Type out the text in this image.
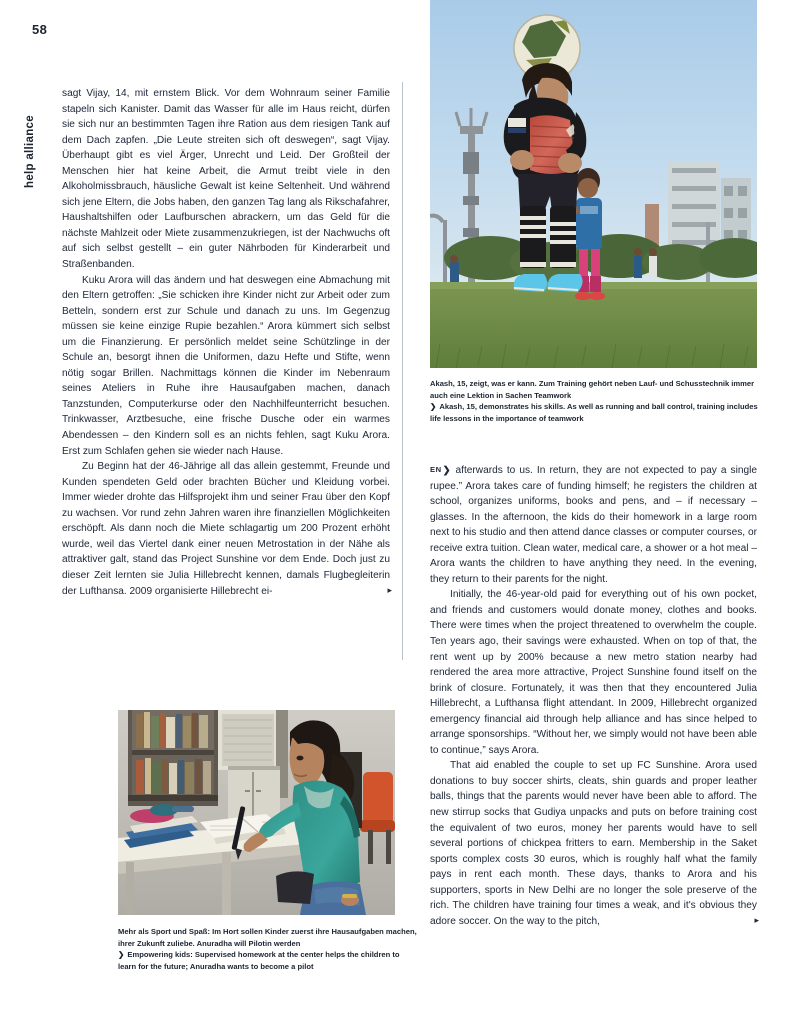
58
help alliance

sagt Vijay, 14, mit ernstem Blick. Vor dem Wohnraum seiner Familie stapeln sich Kanister. Damit das Wasser für alle im Haus reicht, dürfen sie sich nur an bestimmten Tagen ihre Ration aus dem riesigen Tank auf dem Dach zapfen. „Die Leute streiten sich oft deswegen“, sagt Vijay. Überhaupt gibt es viel Ärger, Unrecht und Leid. Der Großteil der Menschen hier hat keine Arbeit, die Armut treibt viele in den Alkoholmissbrauch, häusliche Gewalt ist keine Seltenheit. Und während sich jene Eltern, die Jobs haben, den ganzen Tag lang als Rikschafahrer, Haushaltshilfen oder Laufburschen abrackern, um das Geld für die nächste Mahlzeit oder Miete zusammenzukriegen, ist der Nachwuchs oft auf sich selbst gestellt – ein guter Nährboden für Kinderarbeit und Straßenbanden.

Kuku Arora will das ändern und hat deswegen eine Abmachung mit den Eltern getroffen: „Sie schicken ihre Kinder nicht zur Arbeit oder zum Betteln, sondern erst zur Schule und danach zu uns. Im Gegenzug müssen sie keine einzige Rupie bezahlen.“ Arora kümmert sich selbst um die Finanzierung. Er persönlich meldet seine Schützlinge in der Schule an, besorgt ihnen die Uniformen, dazu Hefte und Stifte, wenn nötig sogar Brillen. Nachmittags können die Kinder im Nebenraum seines Ateliers in Ruhe ihre Hausaufgaben machen, danach Tanzstunden, Computerkurse oder den Nachhilfeunterricht besuchen. Trinkwasser, Arztbesuche, eine frische Dusche oder ein warmes Abendessen – den Kindern soll es an nichts fehlen, sagt Kuku Arora. Erst zum Schlafen gehen sie wieder nach Hause.

Zu Beginn hat der 46-Jährige all das allein gestemmt, Freunde und Kunden spendeten Geld oder brachten Bücher und Kleidung vorbei. Immer wieder drohte das Hilfsprojekt ihm und seiner Frau über den Kopf zu wachsen. Vor rund zehn Jahren waren ihre finanziellen Möglichkeiten erschöpft. Als dann noch die Miete schlagartig um 200 Prozent erhöht wurde, weil das Viertel dank einer neuen Metrostation in der Nähe als attraktiver galt, stand das Project Sunshine vor dem Ende. Doch just zu dieser Zeit lernten sie Julia Hillebrecht kennen, damals Flugbegleiterin der Lufthansa. 2009 organisierte Hillebrecht ei-	▸
Akash, 15, zeigt, was er kann. Zum Training gehört neben Lauf- und Schusstechnik immer auch eine Lektion in Sachen Teamwork
❯ Akash, 15, demonstrates his skills. As well as running and ball control, training includes life lessons in the importance of teamwork

EN❯ afterwards to us. In return, they are not expected to pay a single rupee.” Arora takes care of funding himself; he registers the children at school, organizes uniforms, books and pens, and – if necessary – glasses. In the afternoon, the kids do their homework in a large room next to his studio and then attend dance classes or computer courses, or receive extra tuition. Clean water, medical care, a shower or a hot meal – Arora wants the children to have anything they need. In the evening, they return to their parents for the night.

Initially, the 46-year-old paid for everything out of his own pocket, and friends and customers would donate money, clothes and books. There were times when the project threatened to overwhelm the couple. Ten years ago, their savings were exhausted. When on top of that, the rent went up by 200% because a new metro station nearby had rendered the area more attractive, Project Sunshine found itself on the brink of closure. Fortunately, it was then that they encountered Julia Hillebrecht, a Lufthansa flight attendant. In 2009, Hillebrecht organized emergency financial aid through help alliance and has since helped to arrange sponsorships. “Without her, we simply would not have been able to continue,” says Arora.

That aid enabled the couple to set up FC Sunshine. Arora used donations to buy soccer shirts, cleats, shin guards and proper leather balls, things that the parents would never have been able to afford. The new stirrup socks that Gudiya unpacks and puts on before training cost the equivalent of two euros, money her parents would have to sell several portions of chickpea fritters to earn. Membership in the Saket sports complex costs 30 euros, which is roughly half what the family pays in rent each month. These days, thanks to Arora and his supporters, sports in New Delhi are no longer the sole preserve of the rich. The children have training four times a weak, and it's obvious they adore soccer. On the way to the pitch,	▸
Mehr als Sport und Spaß: Im Hort sollen Kinder zuerst ihre Hausaufgaben machen, ihrer Zukunft zuliebe. Anuradha will Pilotin werden
❯ Empowering kids: Supervised homework at the center helps the children to learn for the future; Anuradha wants to become a pilot
